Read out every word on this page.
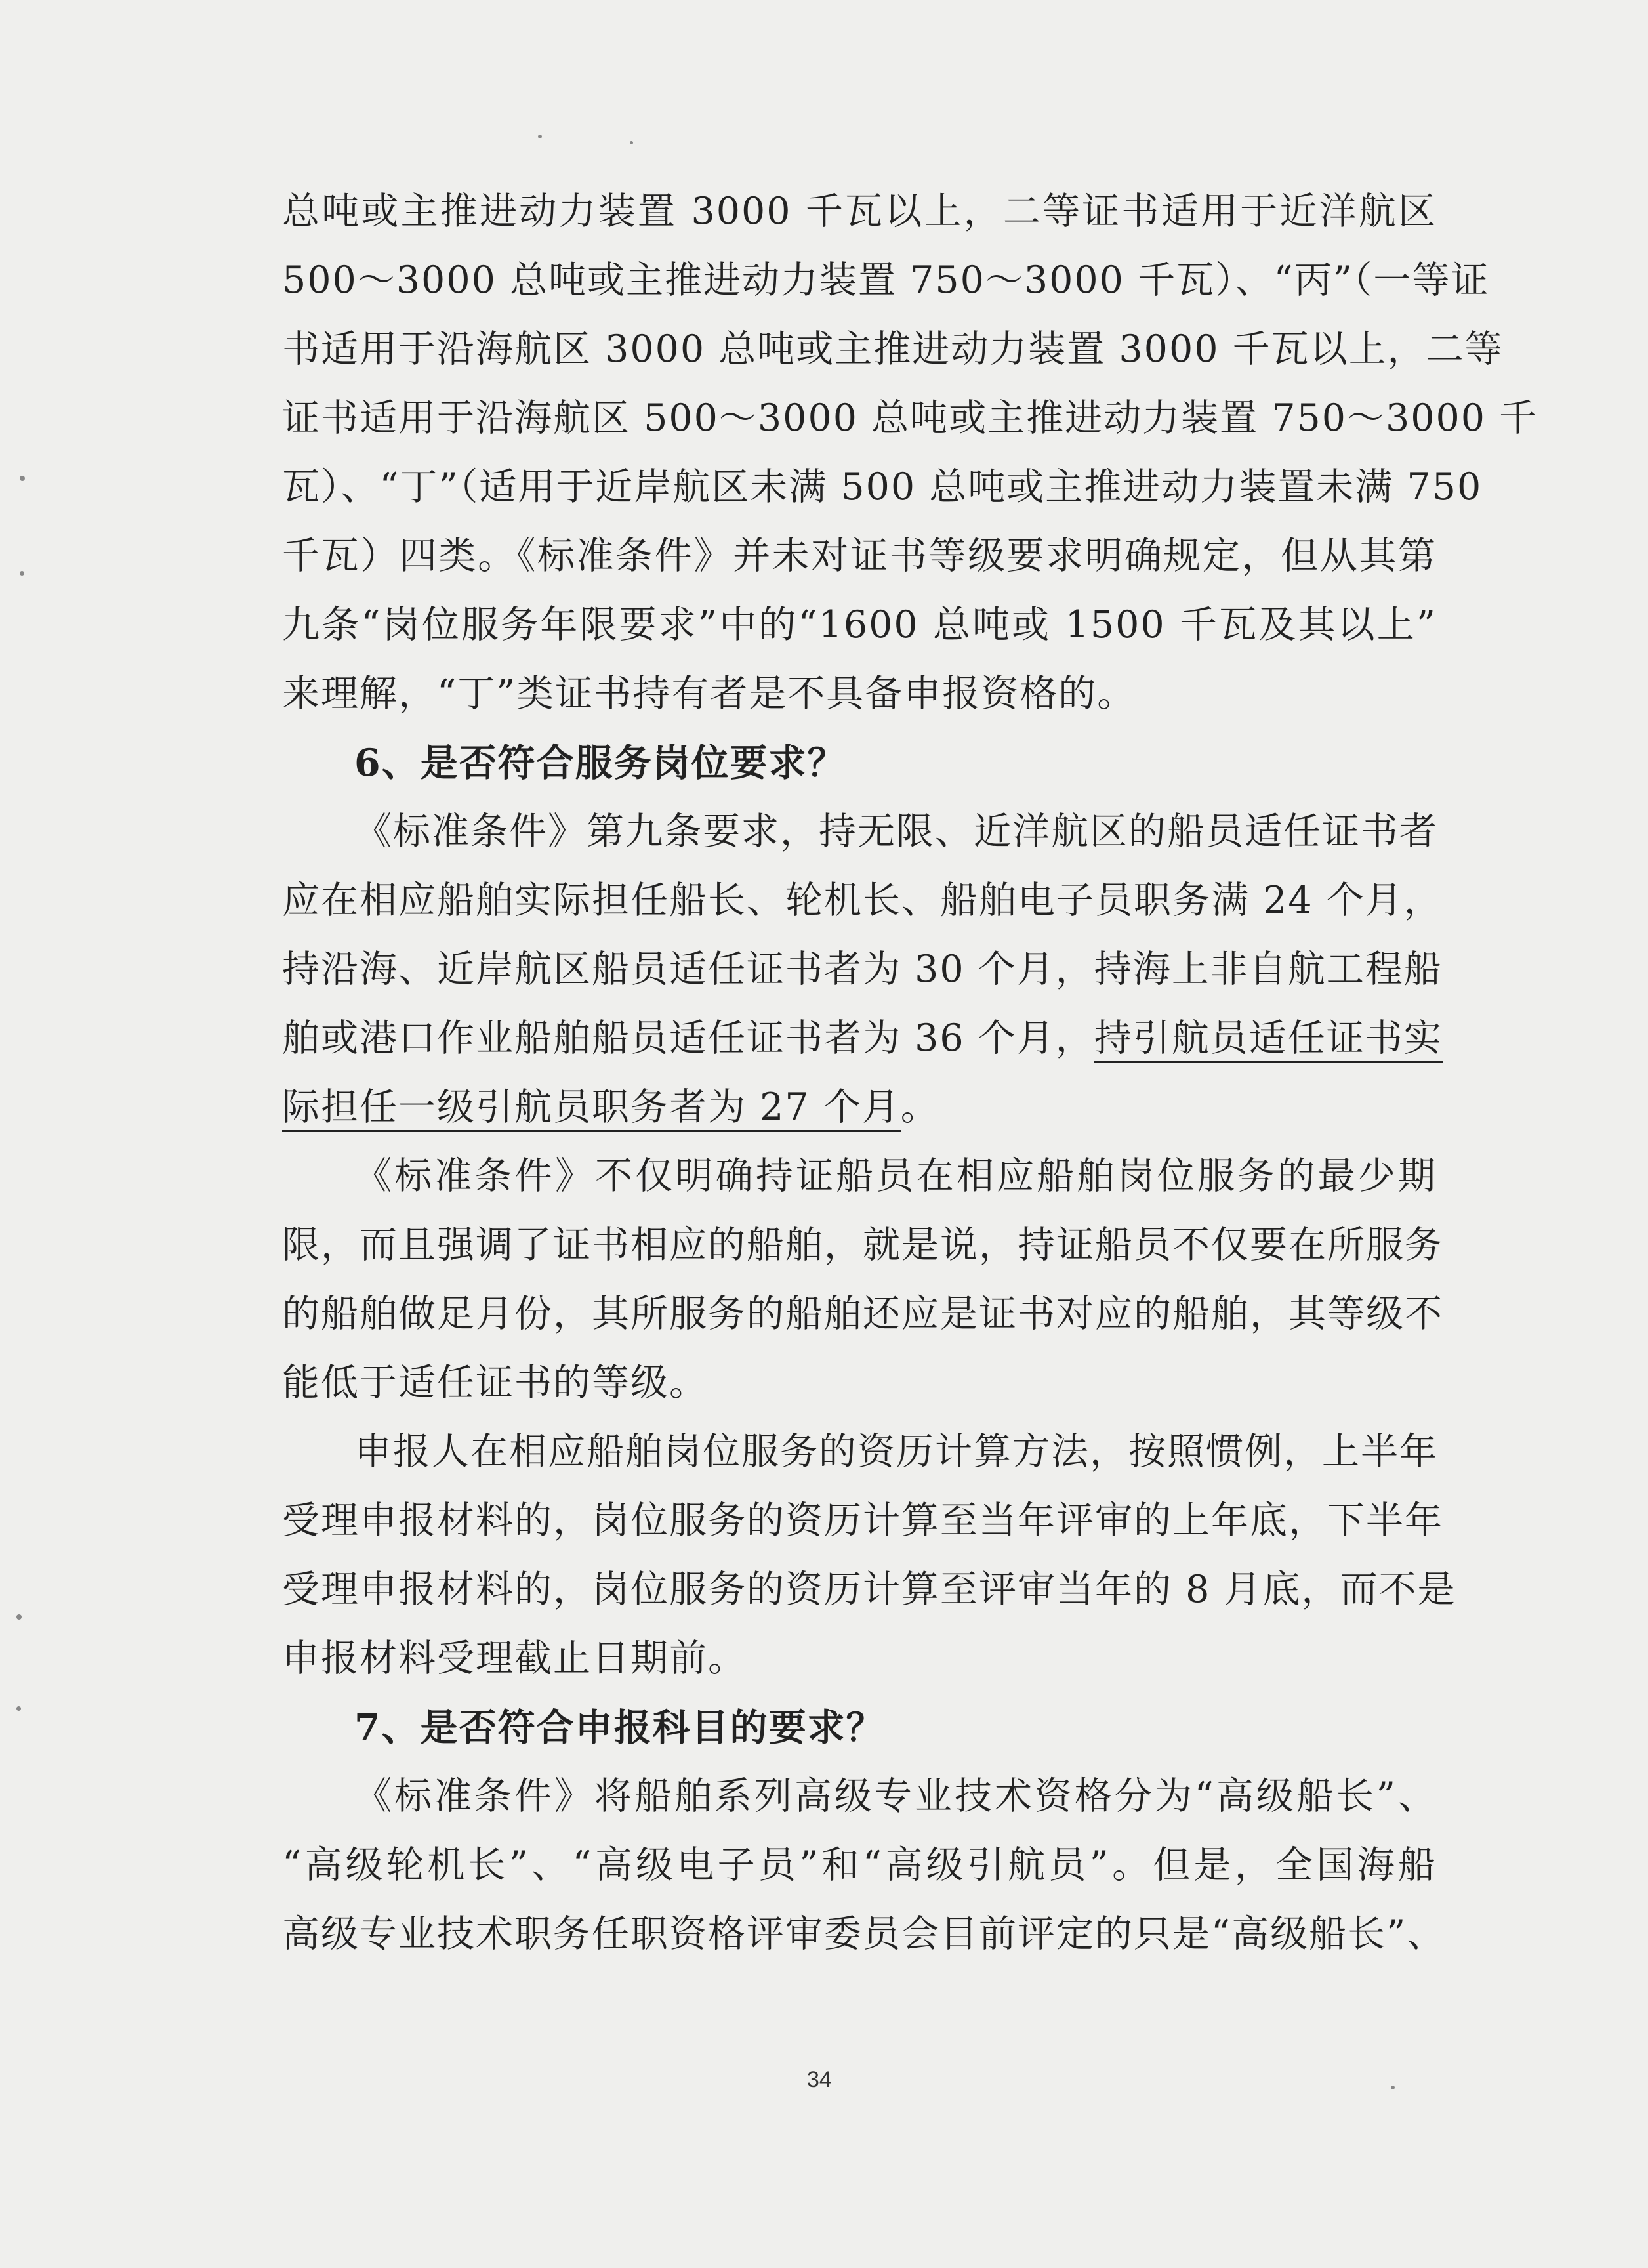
总吨或主推进动力装置 3000 千瓦以上，二等证书适用于近洋航区
500～3000 总吨或主推进动力装置 750～3000 千瓦）、“丙”（一等证
书适用于沿海航区 3000 总吨或主推进动力装置 3000 千瓦以上，二等
证书适用于沿海航区 500～3000 总吨或主推进动力装置 750～3000 千
瓦）、“丁”（适用于近岸航区未满 500 总吨或主推进动力装置未满 750
千瓦）四类。《标准条件》并未对证书等级要求明确规定，但从其第
九条“岗位服务年限要求”中的“1600 总吨或 1500 千瓦及其以上”
来理解，“丁”类证书持有者是不具备申报资格的。
6、是否符合服务岗位要求？
《标准条件》第九条要求，持无限、近洋航区的船员适任证书者
应在相应船舶实际担任船长、轮机长、船舶电子员职务满 24 个月，
持沿海、近岸航区船员适任证书者为 30 个月，持海上非自航工程船
舶或港口作业船舶船员适任证书者为 36 个月，持引航员适任证书实
际担任一级引航员职务者为 27 个月。
《标准条件》不仅明确持证船员在相应船舶岗位服务的最少期
限，而且强调了证书相应的船舶，就是说，持证船员不仅要在所服务
的船舶做足月份，其所服务的船舶还应是证书对应的船舶，其等级不
能低于适任证书的等级。
申报人在相应船舶岗位服务的资历计算方法，按照惯例，上半年
受理申报材料的，岗位服务的资历计算至当年评审的上年底，下半年
受理申报材料的，岗位服务的资历计算至评审当年的 8 月底，而不是
申报材料受理截止日期前。
7、是否符合申报科目的要求？
《标准条件》将船舶系列高级专业技术资格分为“高级船长”、
“高级轮机长”、“高级电子员”和“高级引航员”。但是，全国海船
高级专业技术职务任职资格评审委员会目前评定的只是“高级船长”、
34
